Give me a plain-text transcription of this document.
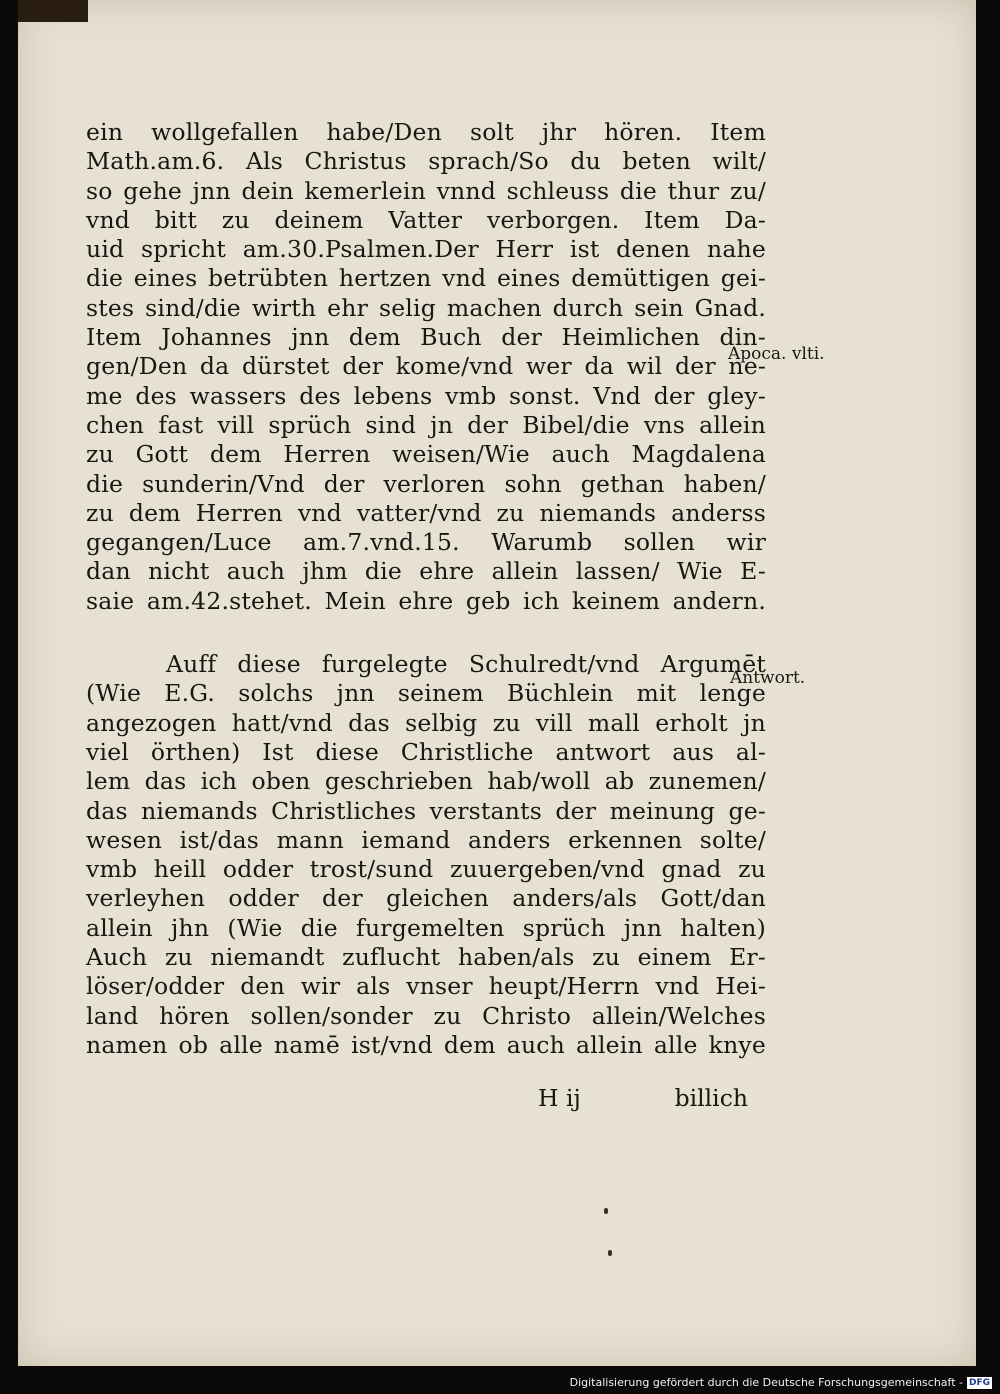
ein wollgefallen habe/Den solt jhr hören. Item
Math.am.6. Als Christus sprach/So du beten wilt/
so gehe jnn dein kemerlein vnnd schleuss die thur zu/
vnd bitt zu deinem Vatter verborgen. Item Da-
uid spricht am.30.Psalmen.Der Herr ist denen nahe
die eines betrübten hertzen vnd eines demüttigen gei-
stes sind/die wirth ehr selig machen durch sein Gnad.
Item Johannes jnn dem Buch der Heimlichen din-
gen/Den da dürstet der kome/vnd wer da wil der ne-
me des wassers des lebens vmb sonst. Vnd der gley-
chen fast vill sprüch sind jn der Bibel/die vns allein
zu Gott dem Herren weisen/Wie auch Magdalena
die sunderin/Vnd der verloren sohn gethan haben/
zu dem Herren vnd vatter/vnd zu niemands anderss
gegangen/Luce am.7.vnd.15. Warumb sollen wir
dan nicht auch jhm die ehre allein lassen/ Wie E-
saie am.42.stehet. Mein ehre geb ich keinem andern.
Auff diese furgelegte Schulredt/vnd Argumēt
(Wie E.G. solchs jnn seinem Büchlein mit lenge
angezogen hatt/vnd das selbig zu vill mall erholt jn
viel örthen) Ist diese Christliche antwort aus al-
lem das ich oben geschrieben hab/woll ab zunemen/
das niemands Christliches verstants der meinung ge-
wesen ist/das mann iemand anders erkennen solte/
vmb heill odder trost/sund zuuergeben/vnd gnad zu
verleyhen odder der gleichen anders/als Gott/dan
allein jhn (Wie die furgemelten sprüch jnn halten)
Auch zu niemandt zuflucht haben/als zu einem Er-
löser/odder den wir als vnser heupt/Herrn vnd Hei-
land hören sollen/sonder zu Christo allein/Welches
namen ob alle namē ist/vnd dem auch allein alle knye
Apoca. vlti.
Antwort.
H ij	billich
Digitalisierung gefördert durch die Deutsche Forschungsgemeinschaft - DFG
